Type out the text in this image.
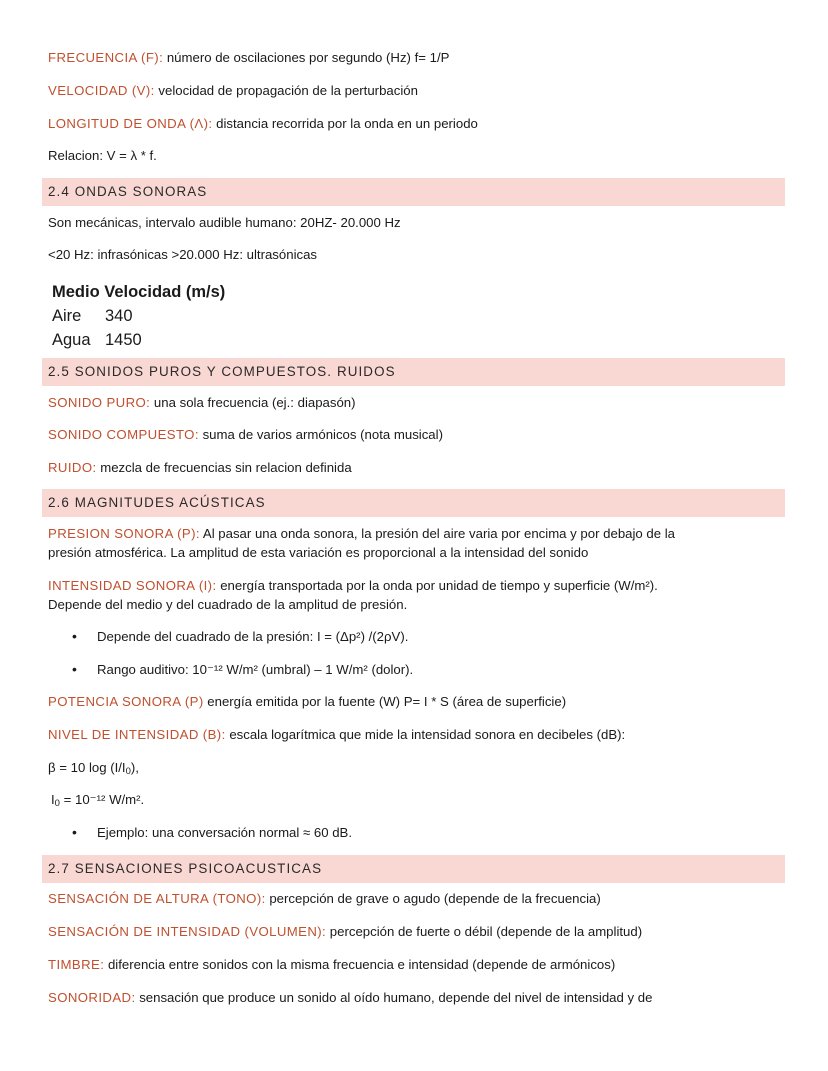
FRECUENCIA (F): número de oscilaciones por segundo (Hz) f= 1/P
VELOCIDAD (V): velocidad de propagación de la perturbación
LONGITUD DE ONDA (Λ): distancia recorrida por la onda en un periodo
Relacion: V = λ * f.
2.4 ONDAS SONORAS
Son mecánicas, intervalo audible humano: 20HZ- 20.000 Hz
<20 Hz: infrasónicas >20.000 Hz: ultrasónicas
Medio Velocidad (m/s)
Aire 340
Agua 1450
2.5 SONIDOS PUROS Y COMPUESTOS. RUIDOS
SONIDO PURO: una sola frecuencia (ej.: diapasón)
SONIDO COMPUESTO: suma de varios armónicos (nota musical)
RUIDO: mezcla de frecuencias sin relacion definida
2.6 MAGNITUDES ACÚSTICAS
PRESION SONORA (P): Al pasar una onda sonora, la presión del aire varia por encima y por debajo de la
presión atmosférica. La amplitud de esta variación es proporcional a la intensidad del sonido
INTENSIDAD SONORA (I): energía transportada por la onda por unidad de tiempo y superficie (W/m²).
Depende del medio y del cuadrado de la amplitud de presión.
•	Depende del cuadrado de la presión: I = (Δp²) /(2ρV).
•	Rango auditivo: 10⁻¹² W/m² (umbral) – 1 W/m² (dolor).
POTENCIA SONORA (P) energía emitida por la fuente (W) P= I * S (área de superficie)
NIVEL DE INTENSIDAD (Β): escala logarítmica que mide la intensidad sonora en decibeles (dB):
β = 10 $\log (I/I_0)$,
$I_0 = 10^{-12}$ W/m².
•	Ejemplo: una conversación normal ≈ 60 dB.
2.7 SENSACIONES PSICOACUSTICAS
SENSACIÓN DE ALTURA (TONO): percepción de grave o agudo (depende de la frecuencia)
SENSACIÓN DE INTENSIDAD (VOLUMEN): percepción de fuerte o débil (depende de la amplitud)
TIMBRE: diferencia entre sonidos con la misma frecuencia e intensidad (depende de armónicos)
SONORIDAD: sensación que produce un sonido al oído humano, depende del nivel de intensidad y de
